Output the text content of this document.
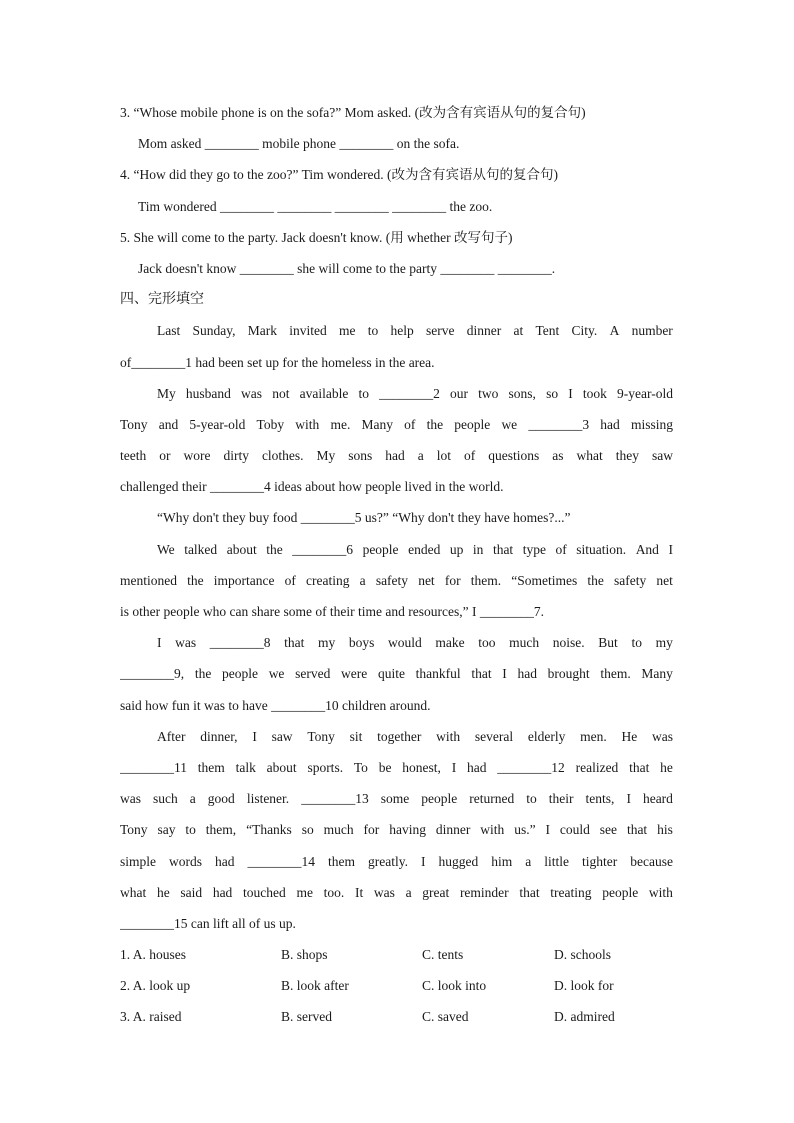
3. “Whose mobile phone is on the sofa?” Mom asked. (改为含有宾语从句的复合句)
Mom asked ________ mobile phone ________ on the sofa.
4. “How did they go to the zoo?” Tim wondered. (改为含有宾语从句的复合句)
Tim wondered ________ ________ ________ ________ the zoo.
5. She will come to the party. Jack doesn't know. (用 whether 改写句子)
Jack doesn't know ________ she will come to the party ________ ________.
四、完形填空
Last Sunday, Mark invited me to help serve dinner at Tent City. A number
of________1 had been set up for the homeless in the area.
My husband was not available to ________2 our two sons, so I took 9-year-old
Tony and 5-year-old Toby with me. Many of the people we ________3 had missing
teeth or wore dirty clothes. My sons had a lot of questions as what they saw
challenged their ________4 ideas about how people lived in the world.
“Why don't they buy food ________5 us?” “Why don't they have homes?...”
We talked about the ________6 people ended up in that type of situation. And I
mentioned the importance of creating a safety net for them. “Sometimes the safety net
is other people who can share some of their time and resources,” I ________7.
I was ________8 that my boys would make too much noise. But to my
________9, the people we served were quite thankful that I had brought them. Many
said how fun it was to have ________10 children around.
After dinner, I saw Tony sit together with several elderly men. He was
________11 them talk about sports. To be honest, I had ________12 realized that he
was such a good listener. ________13 some people returned to their tents, I heard
Tony say to them, “Thanks so much for having dinner with us.” I could see that his
simple words had ________14 them greatly. I hugged him a little tighter because
what he said had touched me too. It was a great reminder that treating people with
________15 can lift all of us up.
1. A. houses	B. shops	C. tents	D. schools
2. A. look up	B. look after	C. look into	D. look for
3. A. raised	B. served	C. saved	D. admired
